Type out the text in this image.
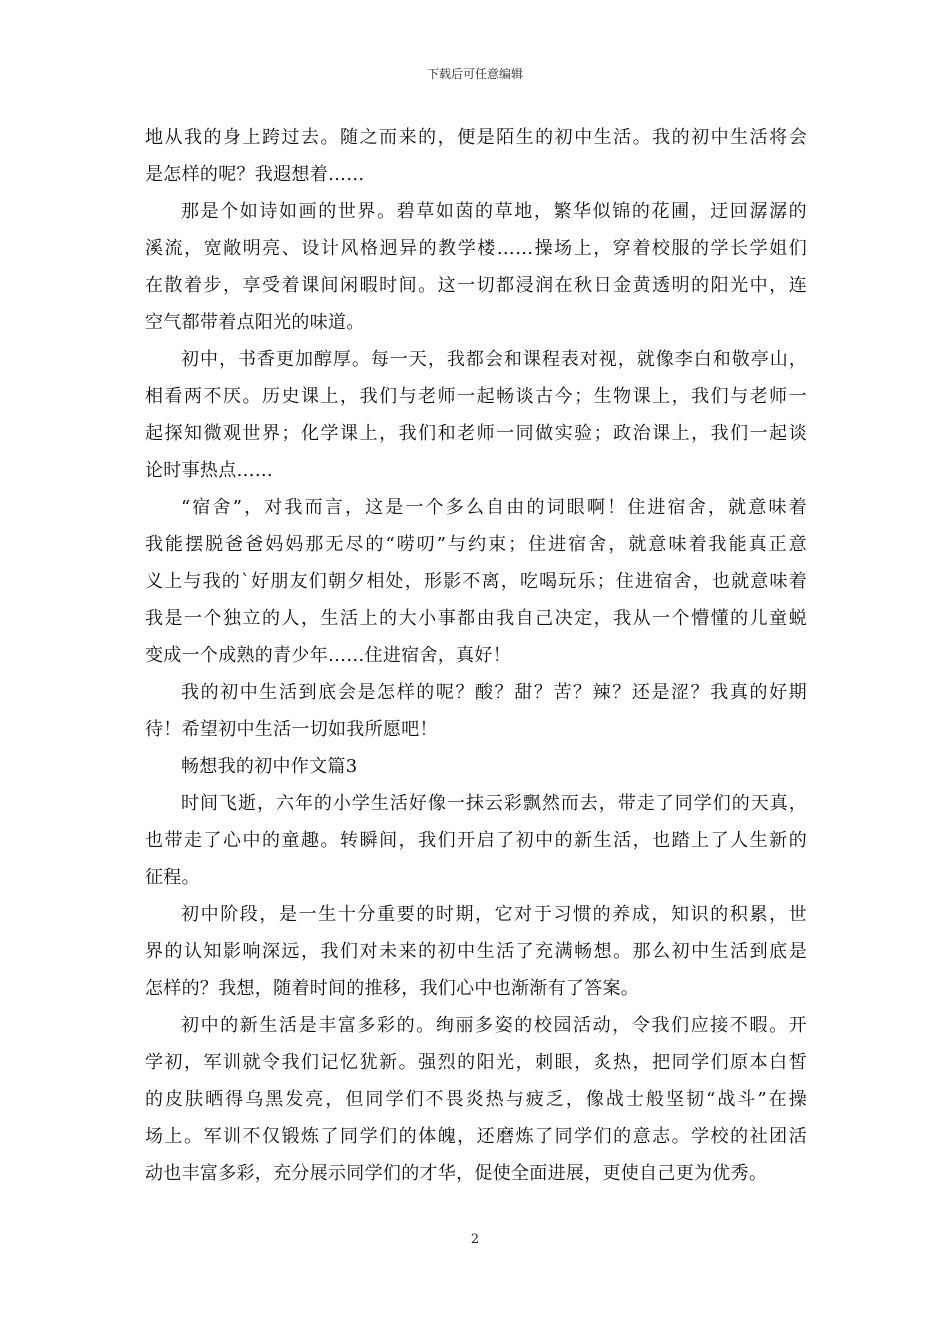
下载后可任意编辑
地从我的身上跨过去。随之而来的，便是陌生的初中生活。我的初中生活将会
是怎样的呢？我遐想着……
那是个如诗如画的世界。碧草如茵的草地，繁华似锦的花圃，迂回潺潺的
溪流，宽敞明亮、设计风格迥异的教学楼……操场上，穿着校服的学长学姐们
在散着步，享受着课间闲暇时间。这一切都浸润在秋日金黄透明的阳光中，连
空气都带着点阳光的味道。
初中，书香更加醇厚。每一天，我都会和课程表对视，就像李白和敬亭山，
相看两不厌。历史课上，我们与老师一起畅谈古今；生物课上，我们与老师一
起探知微观世界；化学课上，我们和老师一同做实验；政治课上，我们一起谈
论时事热点……
“宿舍”，对我而言，这是一个多么自由的词眼啊！住进宿舍，就意味着
我能摆脱爸爸妈妈那无尽的“唠叨”与约束；住进宿舍，就意味着我能真正意
义上与我的`好朋友们朝夕相处，形影不离，吃喝玩乐；住进宿舍，也就意味着
我是一个独立的人，生活上的大小事都由我自己决定，我从一个懵懂的儿童蜕
变成一个成熟的青少年……住进宿舍，真好！
我的初中生活到底会是怎样的呢？酸？甜？苦？辣？还是涩？我真的好期
待！希望初中生活一切如我所愿吧！
畅想我的初中作文篇3
时间飞逝，六年的小学生活好像一抹云彩飘然而去，带走了同学们的天真，
也带走了心中的童趣。转瞬间，我们开启了初中的新生活，也踏上了人生新的
征程。
初中阶段，是一生十分重要的时期，它对于习惯的养成，知识的积累，世
界的认知影响深远，我们对未来的初中生活了充满畅想。那么初中生活到底是
怎样的？我想，随着时间的推移，我们心中也渐渐有了答案。
初中的新生活是丰富多彩的。绚丽多姿的校园活动，令我们应接不暇。开
学初，军训就令我们记忆犹新。强烈的阳光，刺眼，炙热，把同学们原本白皙
的皮肤晒得乌黑发亮，但同学们不畏炎热与疲乏，像战士般坚韧“战斗”在操
场上。军训不仅锻炼了同学们的体魄，还磨炼了同学们的意志。学校的社团活
动也丰富多彩，充分展示同学们的才华，促使全面进展，更使自己更为优秀。
2
